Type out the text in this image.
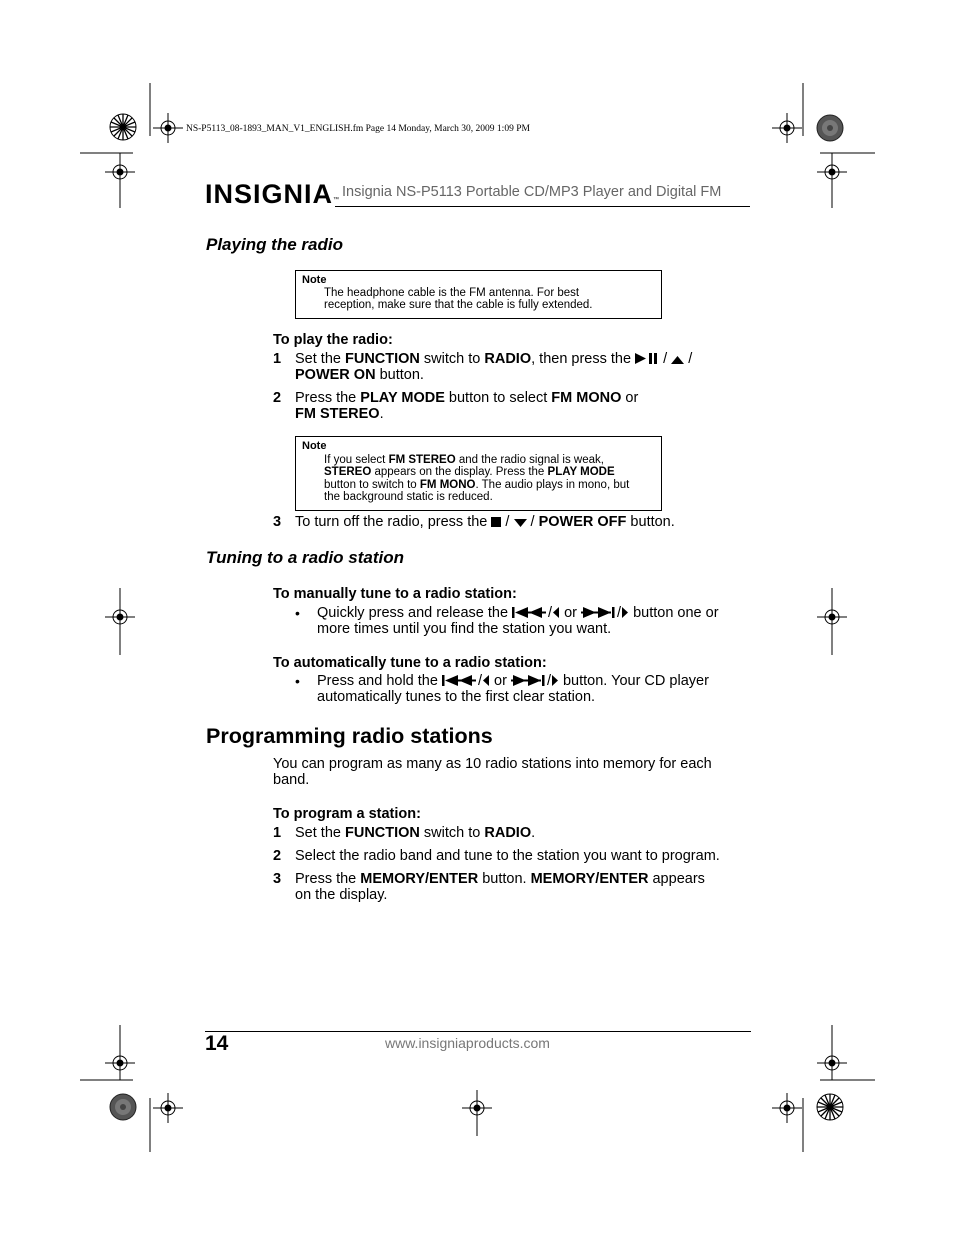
NS-P5113_08-1893_MAN_V1_ENGLISH.fm Page 14 Monday, March 30, 2009 1:09 PM
INSIGNIA™ Insignia NS-P5113 Portable CD/MP3 Player and Digital FM
Playing the radio
Note
The headphone cable is the FM antenna. For best
reception, make sure that the cable is fully extended.
To play the radio:
1 Set the FUNCTION switch to RADIO, then press the  /  /
POWER ON button.
2 Press the PLAY MODE button to select FM MONO or
FM STEREO.
Note
If you select FM STEREO and the radio signal is weak,
STEREO appears on the display. Press the PLAY MODE
button to switch to FM MONO. The audio plays in mono, but
the background static is reduced.
3 To turn off the radio, press the  /  / POWER OFF button.
Tuning to a radio station
To manually tune to a radio station:
• Quickly press and release the / or / button one or
more times until you find the station you want.
To automatically tune to a radio station:
• Press and hold the / or / button. Your CD player
automatically tunes to the first clear station.
Programming radio stations
You can program as many as 10 radio stations into memory for each
band.
To program a station:
1 Set the FUNCTION switch to RADIO.
2 Select the radio band and tune to the station you want to program.
3 Press the MEMORY/ENTER button. MEMORY/ENTER appears
on the display.
14	www.insigniaproducts.com
